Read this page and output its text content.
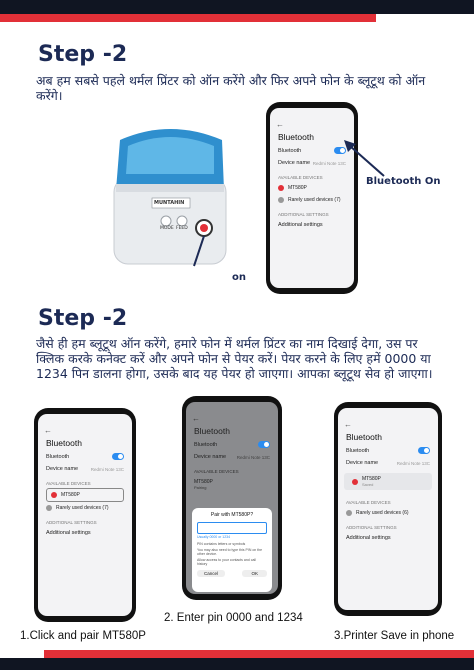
Step -2
अब हम सबसे पहले थर्मल प्रिंटर को ऑन करेंगे और फिर अपने फोन के ब्लूटूथ को ऑन करेंगे।
MUNTAHIN
MODE FEED
on
←
Bluetooth
Bluetooth
Device name Redmi Note 13C
AVAILABLE DEVICES
MT580P
Rarely used devices (7)
ADDITIONAL SETTINGS
Additional settings
Bluetooth On
Step -2
जैसे ही हम ब्लूटूथ ऑन करेंगे, हमारे फोन में थर्मल प्रिंटर का नाम दिखाई देगा, उस पर क्लिक करके कनेक्ट करें और अपने फोन से पेयर करें। पेयर करने के लिए हमें 0000 या 1234 पिन डालना होगा, उसके बाद यह पेयर हो जाएगा। आपका ब्लूटूथ सेव हो जाएगा।
←
Bluetooth
Bluetooth
Device name	Redmi Note 13C
AVAILABLE DEVICES
MT580P
Rarely used devices (7)
ADDITIONAL SETTINGS
Additional settings
←
Bluetooth
Bluetooth
Device name Redmi Note 13C
AVAILABLE DEVICES
MT580P
Pairing
Pair with MT580P?
Usually 0000 or 1234
PIN contains letters or symbols
You may also need to type this PIN on the other device.
Allow access to your contacts and call history
Cancel	OK
←
Bluetooth
Bluetooth
Device name	Redmi Note 13C
MT580P
Saved
AVAILABLE DEVICES
Rarely used devices (6)
ADDITIONAL SETTINGS
Additional settings
1.Click and pair MT580P
2. Enter pin 0000 and 1234
3.Printer Save in phone
